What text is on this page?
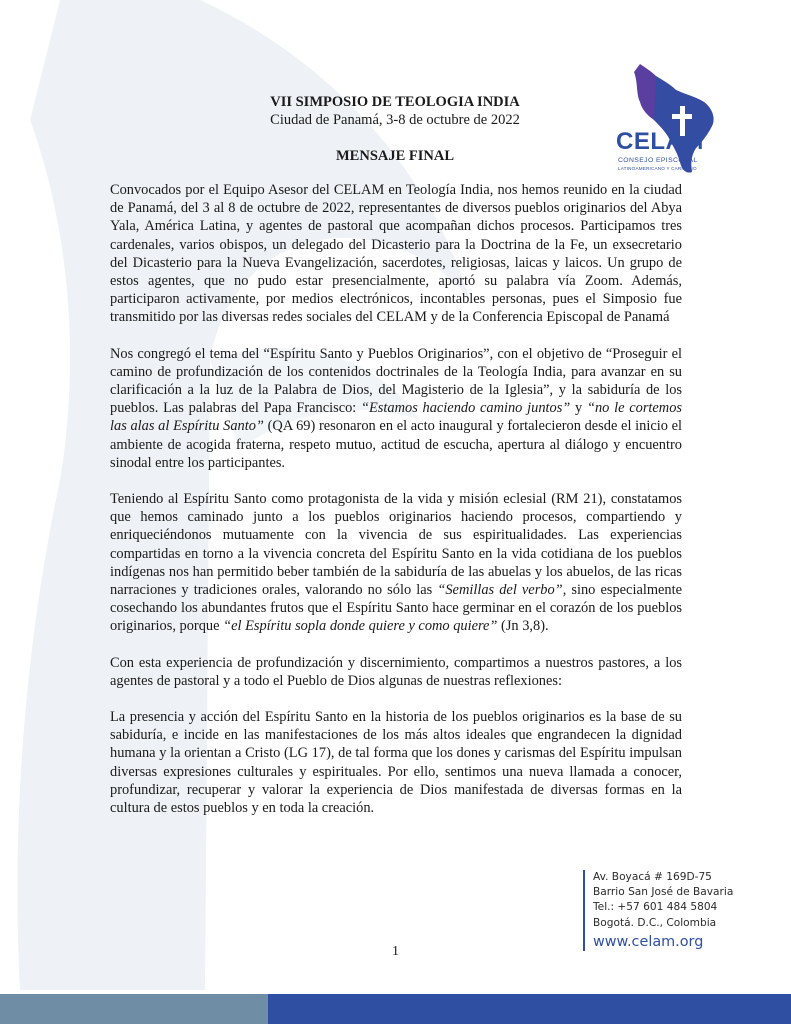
VII SIMPOSIO DE TEOLOGIA INDIA
Ciudad de Panamá, 3-8 de octubre de 2022
MENSAJE FINAL
CELAM
CONSEJO EPISCOPAL
LATINOAMERICANO Y CARIBEÑO

Convocados por el Equipo Asesor del CELAM en Teología India, nos hemos reunido en la ciudad de Panamá, del 3 al 8 de octubre de 2022, representantes de diversos pueblos originarios del Abya Yala, América Latina, y agentes de pastoral que acompañan dichos procesos. Participamos tres cardenales, varios obispos, un delegado del Dicasterio para la Doctrina de la Fe, un exsecretario del Dicasterio para la Nueva Evangelización, sacerdotes, religiosas, laicas y laicos. Un grupo de estos agentes, que no pudo estar presencialmente, aportó su palabra vía Zoom. Además, participaron activamente, por medios electrónicos, incontables personas, pues el Simposio fue transmitido por las diversas redes sociales del CELAM y de la Conferencia Episcopal de Panamá

Nos congregó el tema del “Espíritu Santo y Pueblos Originarios”, con el objetivo de “Proseguir el camino de profundización de los contenidos doctrinales de la Teología India, para avanzar en su clarificación a la luz de la Palabra de Dios, del Magisterio de la Iglesia”, y la sabiduría de los pueblos. Las palabras del Papa Francisco: “Estamos haciendo camino juntos” y “no le cortemos las alas al Espíritu Santo” (QA 69) resonaron en el acto inaugural y fortalecieron desde el inicio el ambiente de acogida fraterna, respeto mutuo, actitud de escucha, apertura al diálogo y encuentro sinodal entre los participantes.

Teniendo al Espíritu Santo como protagonista de la vida y misión eclesial (RM 21), constatamos que hemos caminado junto a los pueblos originarios haciendo procesos, compartiendo y enriqueciéndonos mutuamente con la vivencia de sus espiritualidades. Las experiencias compartidas en torno a la vivencia concreta del Espíritu Santo en la vida cotidiana de los pueblos indígenas nos han permitido beber también de la sabiduría de las abuelas y los abuelos, de las ricas narraciones y tradiciones orales, valorando no sólo las “Semillas del verbo”, sino especialmente cosechando los abundantes frutos que el Espíritu Santo hace germinar en el corazón de los pueblos originarios, porque “el Espíritu sopla donde quiere y como quiere” (Jn 3,8).

Con esta experiencia de profundización y discernimiento, compartimos a nuestros pastores, a los agentes de pastoral y a todo el Pueblo de Dios algunas de nuestras reflexiones:

La presencia y acción del Espíritu Santo en la historia de los pueblos originarios es la base de su sabiduría, e incide en las manifestaciones de los más altos ideales que engrandecen la dignidad humana y la orientan a Cristo (LG 17), de tal forma que los dones y carismas del Espíritu impulsan diversas expresiones culturales y espirituales. Por ello, sentimos una nueva llamada a conocer, profundizar, recuperar y valorar la experiencia de Dios manifestada de diversas formas en la cultura de estos pueblos y en toda la creación.

Av. Boyacá # 169D-75
Barrio San José de Bavaria
Tel.: +57 601 484 5804
Bogotá. D.C., Colombia
www.celam.org
1
